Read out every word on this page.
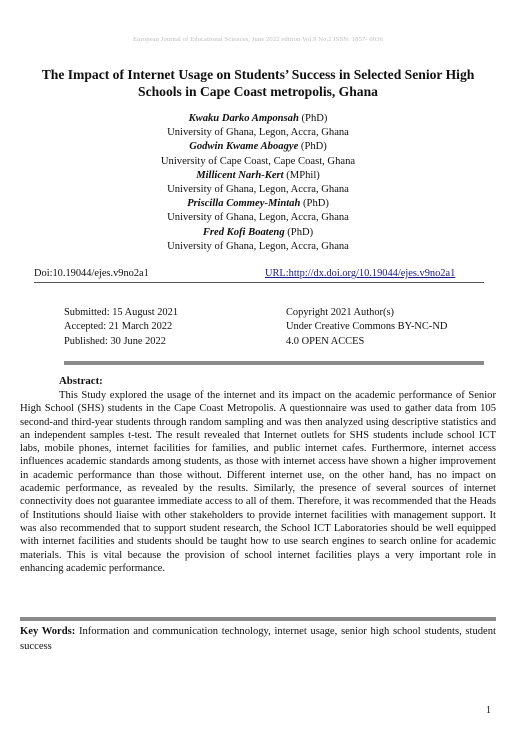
European Journal of Educational Sciences, June 2022 edition Vol.9 No.2 ISSN: 1857- 6036
The Impact of Internet Usage on Students’ Success in Selected Senior High Schools in Cape Coast metropolis, Ghana
Kwaku Darko Amponsah (PhD)
University of Ghana, Legon, Accra, Ghana
Godwin Kwame Aboagye (PhD)
University of Cape Coast, Cape Coast, Ghana
Millicent Narh-Kert (MPhil)
University of Ghana, Legon, Accra, Ghana
Priscilla Commey-Mintah (PhD)
University of Ghana, Legon, Accra, Ghana
Fred Kofi Boateng (PhD)
University of Ghana, Legon, Accra, Ghana
Doi:10.19044/ejes.v9no2a1	URL:http://dx.doi.org/10.19044/ejes.v9no2a1
Submitted: 15 August 2021
Accepted: 21 March 2022
Published: 30 June 2022
Copyright 2021 Author(s)
Under Creative Commons BY-NC-ND
4.0 OPEN ACCES
Abstract:

This Study explored the usage of the internet and its impact on the academic performance of Senior High School (SHS) students in the Cape Coast Metropolis. A questionnaire was used to gather data from 105 second-and third-year students through random sampling and was then analyzed using descriptive statistics and an independent samples t-test. The result revealed that Internet outlets for SHS students include school ICT labs, mobile phones, internet facilities for families, and public internet cafes. Furthermore, internet access influences academic standards among students, as those with internet access have shown a higher improvement in academic performance than those without. Different internet use, on the other hand, has no impact on academic performance, as revealed by the results. Similarly, the presence of several sources of internet connectivity does not guarantee immediate access to all of them. Therefore, it was recommended that the Heads of Institutions should liaise with other stakeholders to provide internet facilities with management support. It was also recommended that to support student research, the School ICT Laboratories should be well equipped with internet facilities and students should be taught how to use search engines to search online for academic materials. This is vital because the provision of school internet facilities plays a very important role in enhancing academic performance.

Key Words: Information and communication technology, internet usage, senior high school students, student success

1
